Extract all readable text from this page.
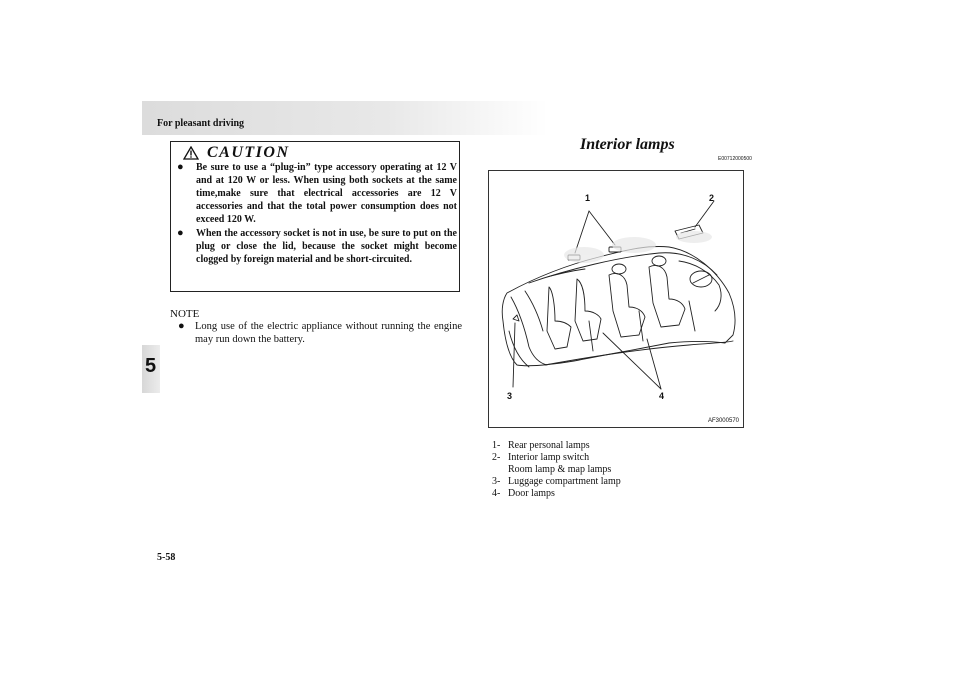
For pleasant driving
5
CAUTION
● Be sure to use a “plug-in” type accessory operating at 12 V and at 120 W or less. When using both sockets at the same time,make sure that electrical accessories are 12 V accessories and that the total power consumption does not exceed 120 W.
● When the accessory socket is not in use, be sure to put on the plug or close the lid, because the socket might become clogged by foreign material and be short-circuited.
NOTE
● Long use of the electric appliance without running the engine may run down the battery.
Interior lamps
E00712000500
1	2
3	4
AF3000570
1- Rear personal lamps
2- Interior lamp switch
Room lamp & map lamps
3- Luggage compartment lamp
4- Door lamps
5-58
